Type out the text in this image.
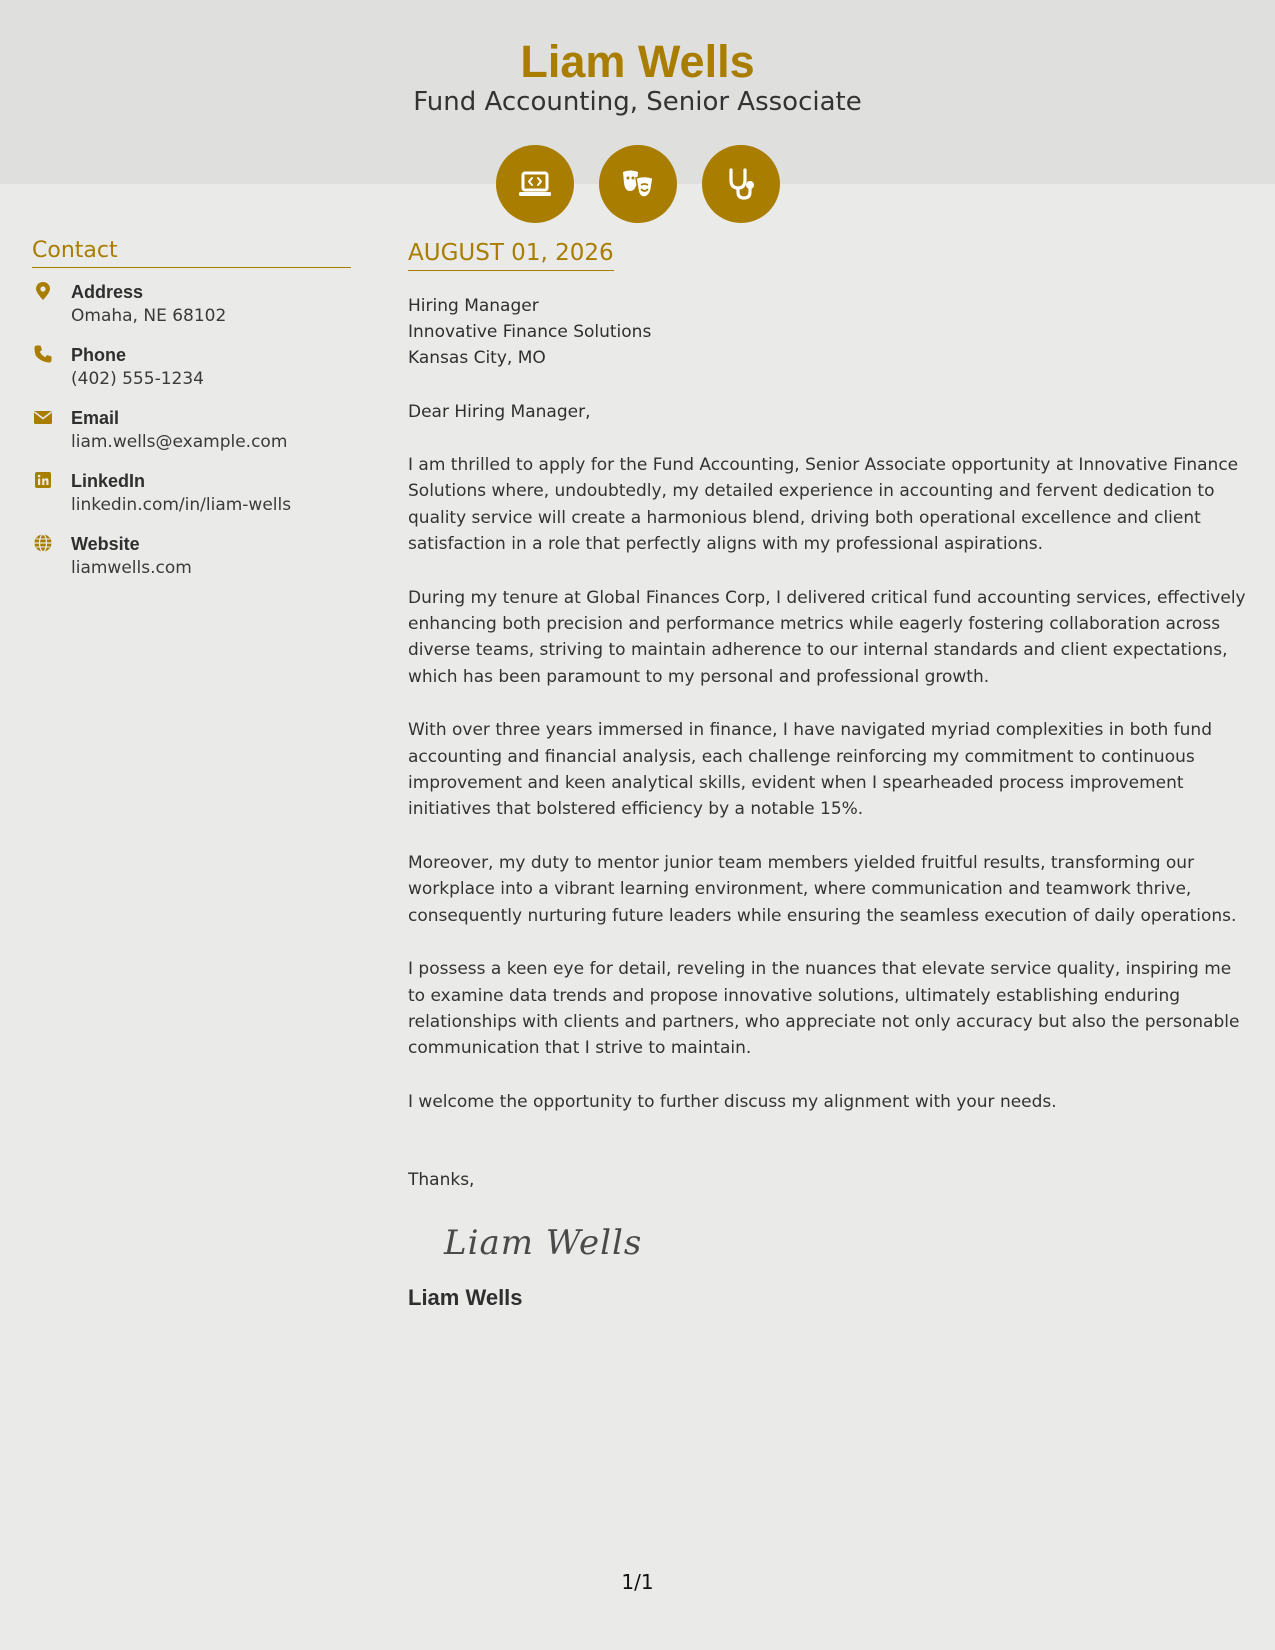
Liam Wells
Fund Accounting, Senior Associate
Contact
Address
Omaha, NE 68102
Phone
(402) 555-1234
Email
liam.wells@example.com
LinkedIn
linkedin.com/in/liam-wells
Website
liamwells.com
AUGUST 01, 2026
Hiring Manager
Innovative Finance Solutions
Kansas City, MO
Dear Hiring Manager,
I am thrilled to apply for the Fund Accounting, Senior Associate opportunity at Innovative Finance Solutions where, undoubtedly, my detailed experience in accounting and fervent dedication to quality service will create a harmonious blend, driving both operational excellence and client satisfaction in a role that perfectly aligns with my professional aspirations.
During my tenure at Global Finances Corp, I delivered critical fund accounting services, effectively enhancing both precision and performance metrics while eagerly fostering collaboration across diverse teams, striving to maintain adherence to our internal standards and client expectations, which has been paramount to my personal and professional growth.
With over three years immersed in finance, I have navigated myriad complexities in both fund accounting and financial analysis, each challenge reinforcing my commitment to continuous improvement and keen analytical skills, evident when I spearheaded process improvement initiatives that bolstered efficiency by a notable 15%.
Moreover, my duty to mentor junior team members yielded fruitful results, transforming our workplace into a vibrant learning environment, where communication and teamwork thrive, consequently nurturing future leaders while ensuring the seamless execution of daily operations.
I possess a keen eye for detail, reveling in the nuances that elevate service quality, inspiring me to examine data trends and propose innovative solutions, ultimately establishing enduring relationships with clients and partners, who appreciate not only accuracy but also the personable communication that I strive to maintain.
I welcome the opportunity to further discuss my alignment with your needs.
Thanks,
Liam Wells
Liam Wells
1/1
